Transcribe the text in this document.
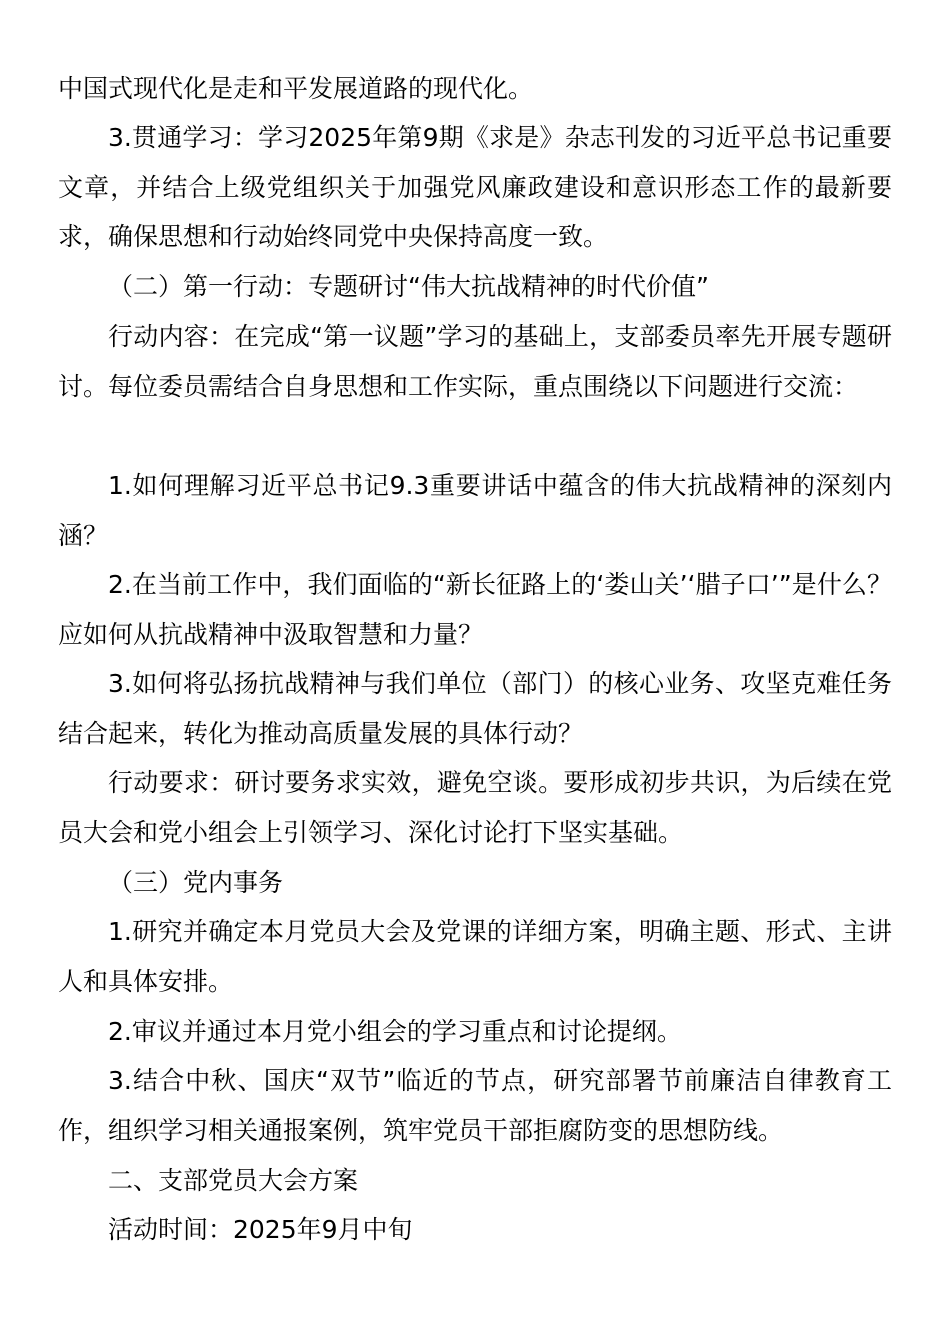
中国式现代化是走和平发展道路的现代化。

3.贯通学习：学习2025年第9期《求是》杂志刊发的习近平总书记重要文章，并结合上级党组织关于加强党风廉政建设和意识形态工作的最新要求，确保思想和行动始终同党中央保持高度一致。

（二）第一行动：专题研讨“伟大抗战精神的时代价值”

行动内容：在完成“第一议题”学习的基础上，支部委员率先开展专题研讨。每位委员需结合自身思想和工作实际，重点围绕以下问题进行交流：

1.如何理解习近平总书记9.3重要讲话中蕴含的伟大抗战精神的深刻内涵？

2.在当前工作中，我们面临的“新长征路上的‘娄山关’‘腊子口’”是什么？应如何从抗战精神中汲取智慧和力量？

3.如何将弘扬抗战精神与我们单位（部门）的核心业务、攻坚克难任务结合起来，转化为推动高质量发展的具体行动？

行动要求：研讨要务求实效，避免空谈。要形成初步共识，为后续在党员大会和党小组会上引领学习、深化讨论打下坚实基础。

（三）党内事务

1.研究并确定本月党员大会及党课的详细方案，明确主题、形式、主讲人和具体安排。

2.审议并通过本月党小组会的学习重点和讨论提纲。

3.结合中秋、国庆“双节”临近的节点，研究部署节前廉洁自律教育工作，组织学习相关通报案例，筑牢党员干部拒腐防变的思想防线。

二、支部党员大会方案

活动时间：2025年9月中旬
